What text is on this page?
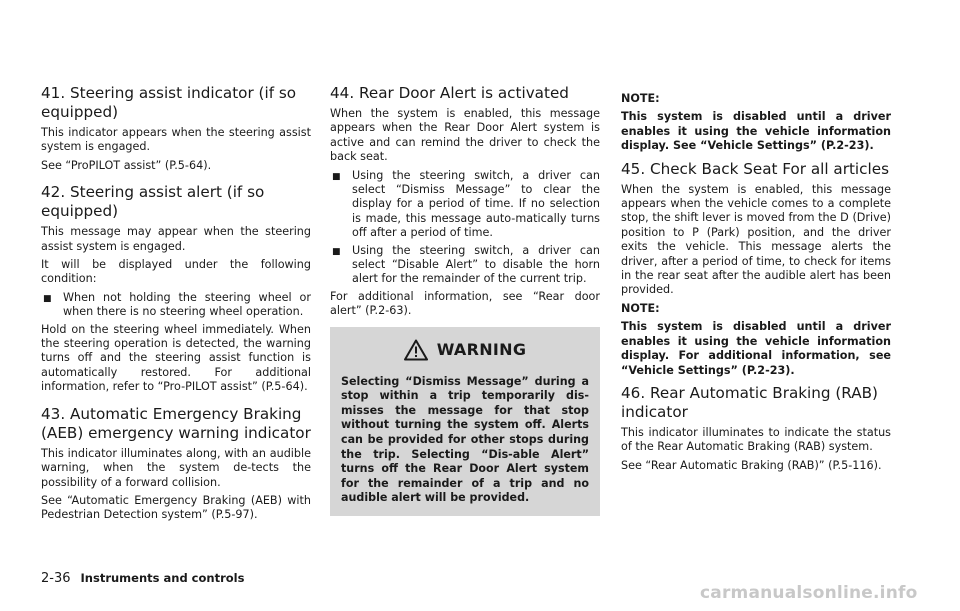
41. Steering assist indicator (if so equipped)

This indicator appears when the steering assist system is engaged.

See “ProPILOT assist” (P.5-64).

42. Steering assist alert (if so equipped)

This message may appear when the steering assist system is engaged.

It will be displayed under the following condition:

■	When not holding the steering wheel or when there is no steering wheel operation.

Hold on the steering wheel immediately. When the steering operation is detected, the warning turns off and the steering assist function is automatically restored. For additional information, refer to “Pro-PILOT assist” (P.5-64).

43. Automatic Emergency Braking (AEB) emergency warning indicator

This indicator illuminates along, with an audible warning, when the system de-tects the possibility of a forward collision.

See “Automatic Emergency Braking (AEB) with Pedestrian Detection system” (P.5-97).

44. Rear Door Alert is activated

When the system is enabled, this message appears when the Rear Door Alert system is active and can remind the driver to check the back seat.

■	Using the steering switch, a driver can select “Dismiss Message” to clear the display for a period of time. If no selection is made, this message auto-matically turns off after a period of time.
■	Using the steering switch, a driver can select “Disable Alert” to disable the horn alert for the remainder of the current trip.

For additional information, see “Rear door alert” (P.2-63).

WARNING

Selecting “Dismiss Message” during a stop within a trip temporarily dis-misses the message for that stop without turning the system off. Alerts can be provided for other stops during the trip. Selecting “Dis-able Alert” turns off the Rear Door Alert system for the remainder of a trip and no audible alert will be provided.

NOTE:

This system is disabled until a driver enables it using the vehicle information display. See “Vehicle Settings” (P.2-23).

45. Check Back Seat For all articles

When the system is enabled, this message appears when the vehicle comes to a complete stop, the shift lever is moved from the D (Drive) position to P (Park) position, and the driver exits the vehicle. This message alerts the driver, after a period of time, to check for items in the rear seat after the audible alert has been provided.

NOTE:

This system is disabled until a driver enables it using the vehicle information display. For additional information, see “Vehicle Settings” (P.2-23).

46. Rear Automatic Braking (RAB) indicator

This indicator illuminates to indicate the status of the Rear Automatic Braking (RAB) system.

See “Rear Automatic Braking (RAB)” (P.5-116).

2-36 Instruments and controls
carmanualsonline.info
